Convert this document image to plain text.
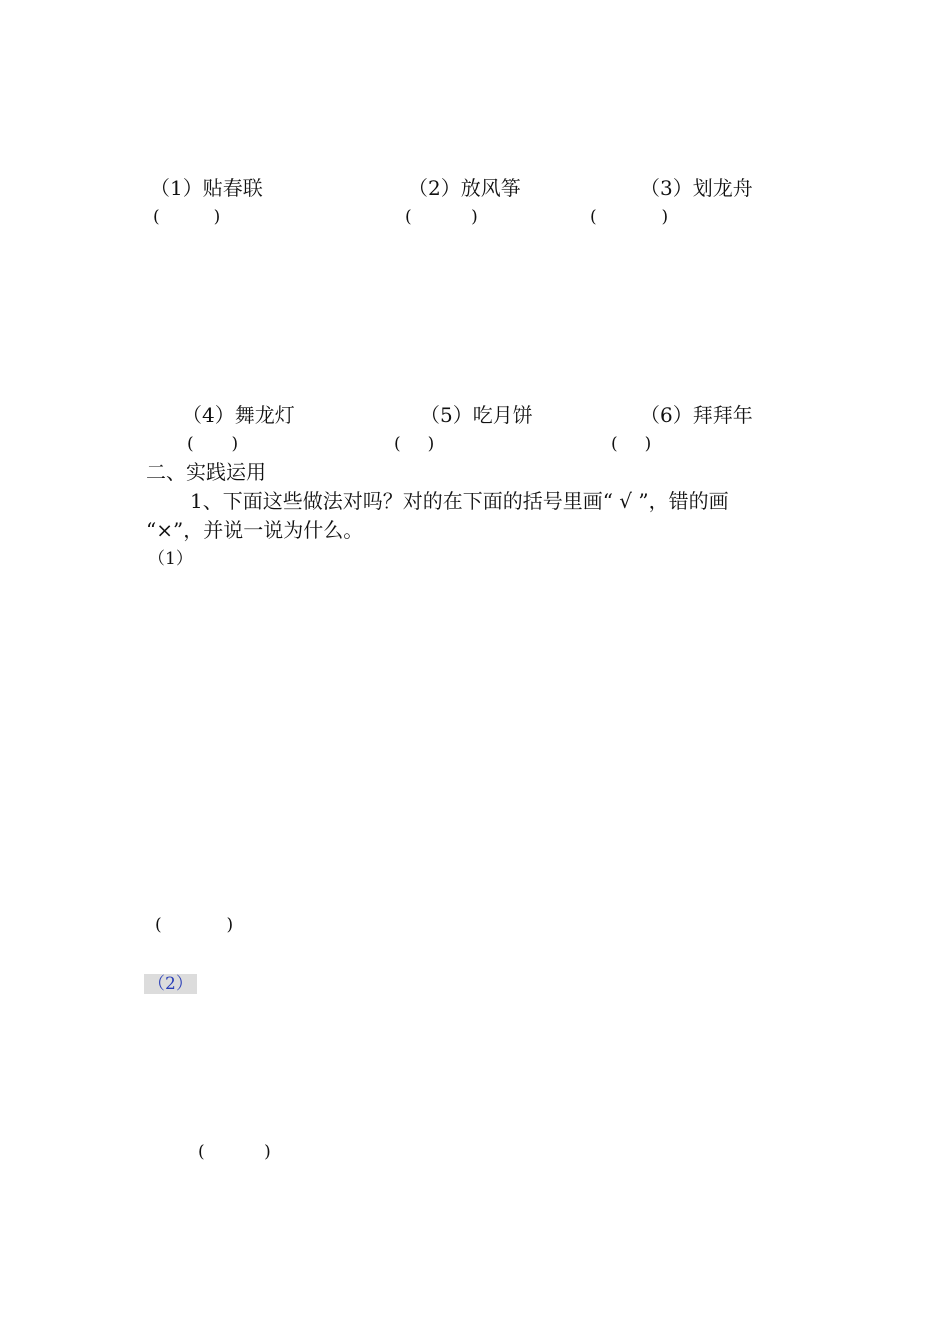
（1）贴春联
(          )
（2）放风筝
(           )
（3）划龙舟
(            )
（4）舞龙灯
(       )
（5）吃月饼
(     )
（6）拜拜年
(     )
二、实践运用
1、下面这些做法对吗？对的在下面的括号里画“ √ ”，错的画
“×”，并说一说为什么。
（1）
(            )
（2）
(           )
